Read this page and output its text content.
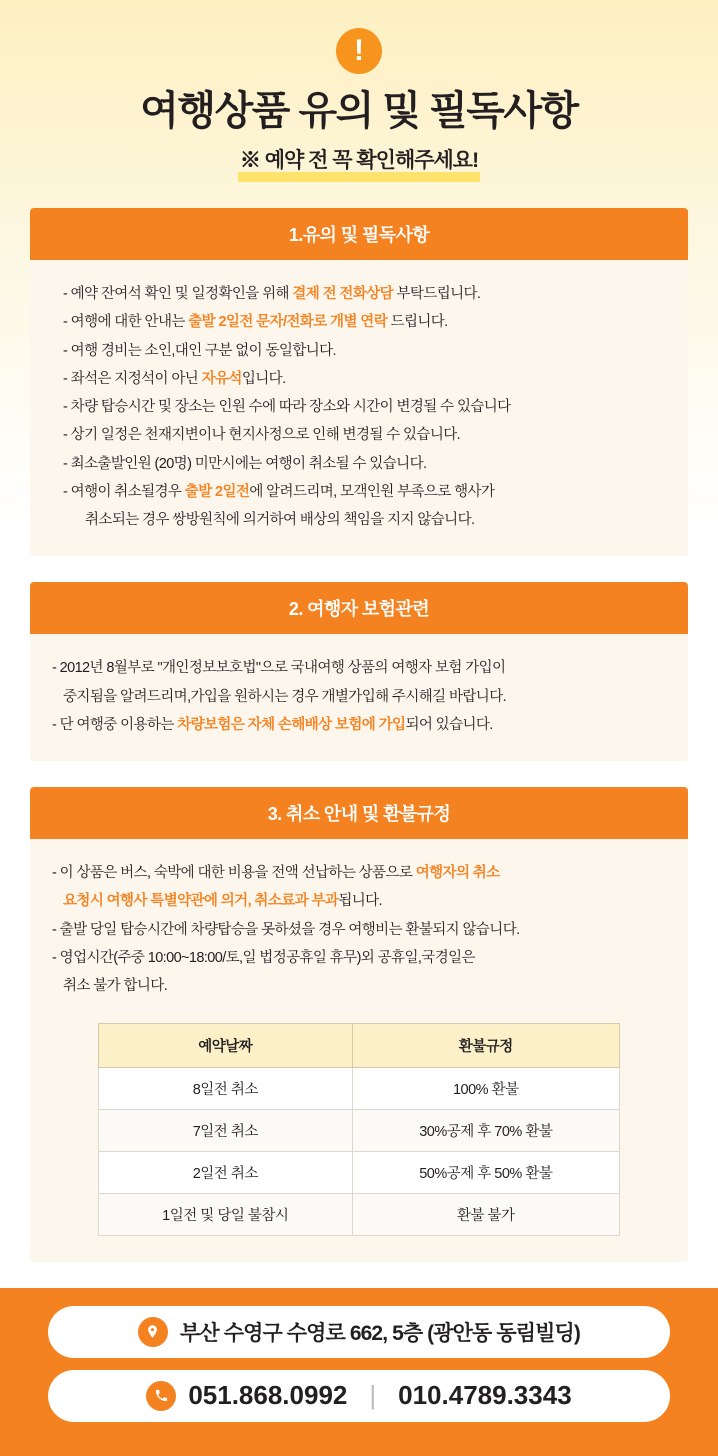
!
여행상품 유의 및 필독사항
※ 예약 전 꼭 확인해주세요!
1.유의 및 필독사항

- 예약 잔여석 확인 및 일정확인을 위해 결제 전 전화상담 부탁드립니다.

- 여행에 대한 안내는 출발 2일전 문자/전화로 개별 연락 드립니다.

- 여행 경비는 소인,대인 구분 없이 동일합니다.

- 좌석은 지정석이 아닌 자유석입니다.

- 차량 탑승시간 및 장소는 인원 수에 따라 장소와 시간이 변경될 수 있습니다

- 상기 일정은 천재지변이나 현지사정으로 인해 변경될 수 있습니다.

- 최소출발인원 (20명) 미만시에는 여행이 취소될 수 있습니다.

- 여행이 취소될경우 출발 2일전에 알려드리며, 모객인원 부족으로 행사가

취소되는 경우 쌍방원칙에 의거하여 배상의 책임을 지지 않습니다.

2. 여행자 보험관련

- 2012년 8월부로 "개인정보보호법"으로 국내여행 상품의 여행자 보험 가입이

중지됨을 알려드리며,가입을 원하시는 경우 개별가입해 주시해길 바랍니다.

- 단 여행중 이용하는 차량보험은 자체 손해배상 보험에 가입되어 있습니다.

3. 취소 안내 및 환불규정

- 이 상품은 버스, 숙박에 대한 비용을 전액 선납하는 상품으로 여행자의 취소

요청시 여행사 특별약관에 의거, 취소료과 부과됩니다.

- 출발 당일 탑승시간에 차량탑승을 못하셨을 경우 여행비는 환불되지 않습니다.

- 영업시간(주중 10:00~18:00/토,일 법정공휴일 휴무)외 공휴일,국경일은

취소 불가 합니다.

예약날짜	환불규정
8일전 취소	100% 환불
7일전 취소	30%공제 후 70% 환불
2일전 취소	50%공제 후 50% 환불
1일전 및 당일 불참시	환불 불가
부산 수영구 수영로 662, 5층 (광안동 동림빌딩)
051.868.0992 | 010.4789.3343
